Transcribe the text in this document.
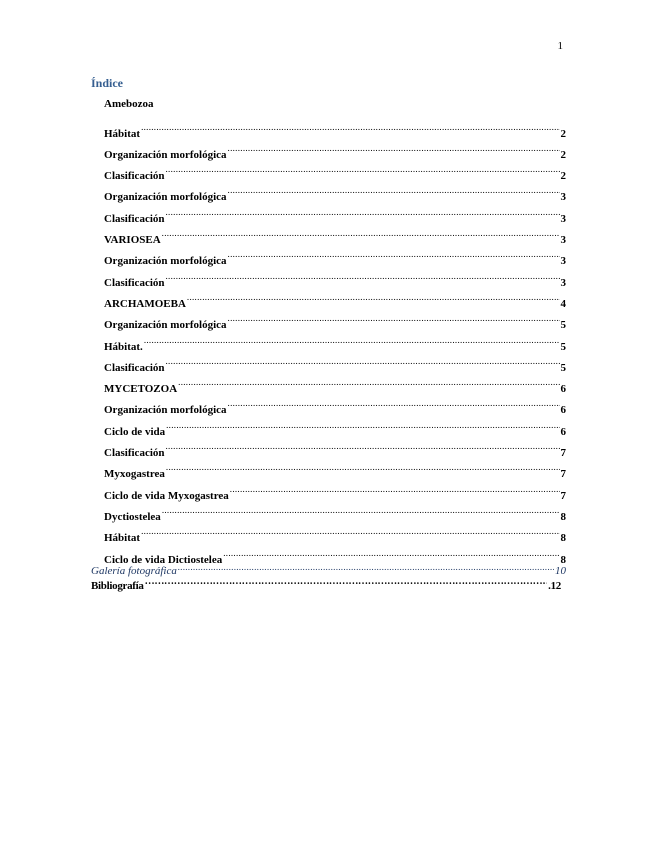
1
Índice
Amebozoa
Hábitat .....	2
Organización morfológica .....	2
Clasificación .....	2
Organización morfológica .....	3
Clasificación .....	3
VARIOSEA .....	3
Organización morfológica .....	3
Clasificación .....	3
ARCHAMOEBA .....	4
Organización morfológica .....	5
Hábitat. .....	5
Clasificación .....	5
MYCETOZOA .....	6
Organización morfológica .....	6
Ciclo de vida .....	6
Clasificación .....	7
Myxogastrea .....	7
Ciclo de vida Myxogastrea .....	7
Dyctiostelea .....	8
Hábitat .....	8
Ciclo de vida Dictiostelea .....	8
Galería fotográfica .....	10
Bibliografía …………………………………………………………………………………………………………………………………………………………………………	.12
